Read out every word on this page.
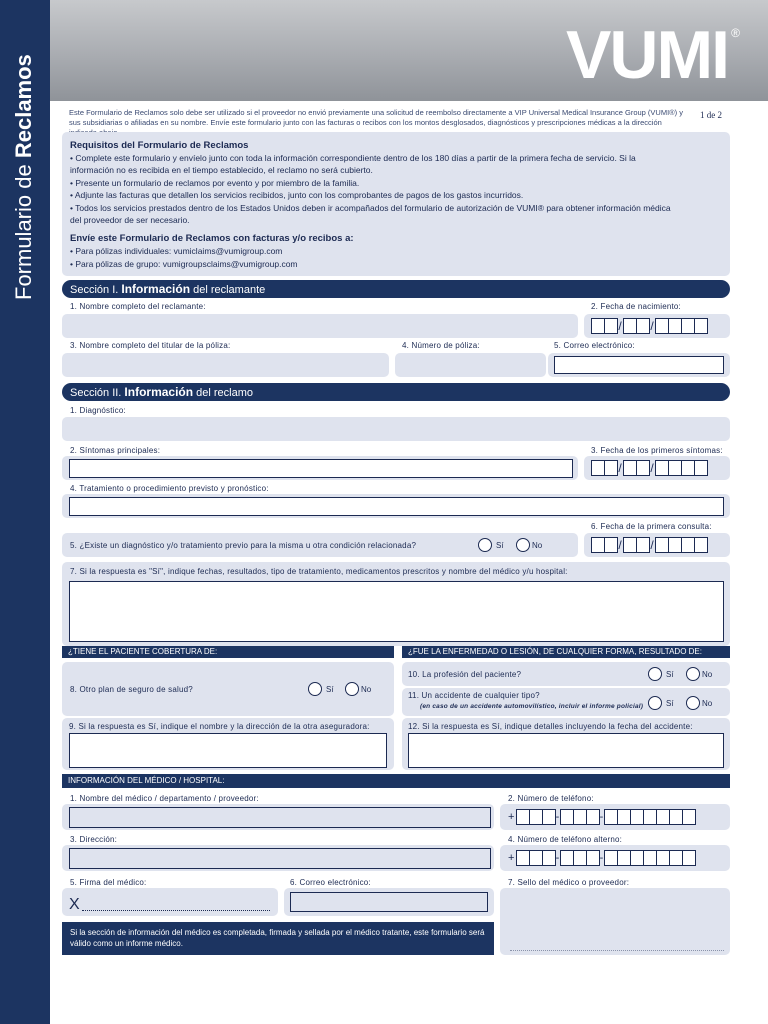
Formulario de Reclamos	VUMI ®
Este Formulario de Reclamos solo debe ser utilizado si el proveedor no envió previamente una solicitud de reembolso directamente a VIP Universal Medical Insurance Group (VUMI®) y sus subsidiarias o afiliadas en su nombre. Envíe este formulario junto con las facturas o recibos con los montos desglosados, diagnósticos y prescripciones médicas a la dirección
1 de 2
Requisitos del Formulario de Reclamos
• Complete este formulario y envíelo junto con toda la información correspondiente dentro de los 180 días a partir de la primera fecha de servicio. Si la
información no es recibida en el tiempo establecido, el reclamo no será cubierto.
• Presente un formulario de reclamos por evento y por miembro de la familia.
• Adjunte las facturas que detallen los servicios recibidos, junto con los comprobantes de pagos de los gastos incurridos.
• Todos los servicios prestados dentro de los Estados Unidos deben ir acompañados del formulario de autorización de VUMI® para obtener información médica
del proveedor de ser necesario.
Envíe este Formulario de Reclamos con facturas y/o recibos a:
• Para pólizas individuales: vumiclaims@vumigroup.com
• Para pólizas de grupo: vumigroupsclaims@vumigroup.com
Sección I. Información del reclamante
1. Nombre completo del reclamante:	2. Fecha de nacimiento:
/ /
3. Nombre completo del titular de la póliza:	4. Número de póliza:	5. Correo electrónico:
Sección II. Información del reclamo
1. Diagnóstico:
2. Síntomas principales:	3. Fecha de los primeros síntomas:
/ /
4. Tratamiento o procedimiento previsto y pronóstico:
6. Fecha de la primera consulta:
5. ¿Existe un diagnóstico y/o tratamiento previo para la misma u otra condición relacionada?	Sí	No	/ /
7. Si la respuesta es "Sí", indique fechas, resultados, tipo de tratamiento, medicamentos prescritos y nombre del médico y/u hospital:
¿TIENE EL PACIENTE COBERTURA DE:	¿FUE LA ENFERMEDAD O LESIÓN, DE CUALQUIER FORMA, RESULTADO DE:
8. Otro plan de seguro de salud?	Sí	No
10. La profesión del paciente?	Sí	No
11. Un accidente de cualquier tipo?
(en caso de un accidente automovilístico, incluir el informe policial)	Sí	No
9. Si la respuesta es Sí, indique el nombre y la dirección de la otra aseguradora:	12. Si la respuesta es Sí, indique detalles incluyendo la fecha del accidente:
INFORMACIÓN DEL MÉDICO / HOSPITAL:
1. Nombre del médico / departamento / proveedor:	2. Número de teléfono:
+	-	-
3. Dirección:	4. Número de teléfono alterno:
+	-	-
5. Firma del médico:
X
6. Correo electrónico:	7. Sello del médico o proveedor:
Si la sección de información del médico es completada, firmada y sellada por el médico tratante, este formulario será válido como un informe médico.
